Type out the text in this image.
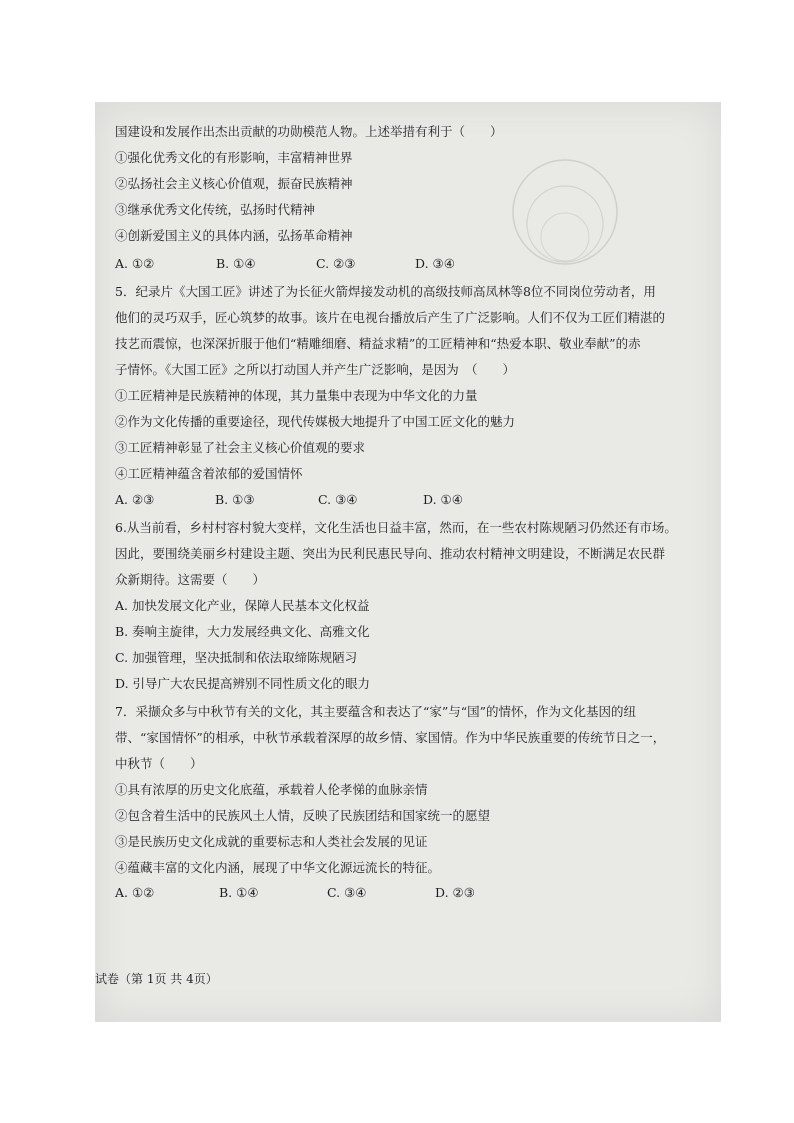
国建设和发展作出杰出贡献的功勋模范人物。上述举措有利于（　　）
①强化优秀文化的有形影响，丰富精神世界
②弘扬社会主义核心价值观，振奋民族精神
③继承优秀文化传统，弘扬时代精神
④创新爱国主义的具体内涵，弘扬革命精神
A. ①②	B. ①④	C. ②③	D. ③④
5．纪录片《大国工匠》讲述了为长征火箭焊接发动机的高级技师高凤林等8位不同岗位劳动者，用
他们的灵巧双手，匠心筑梦的故事。该片在电视台播放后产生了广泛影响。人们不仅为工匠们精湛的
技艺而震惊，也深深折服于他们“精雕细磨、精益求精”的工匠精神和“热爱本职、敬业奉献”的赤
子情怀。《大国工匠》之所以打动国人并产生广泛影响，是因为　（　　）
①工匠精神是民族精神的体现，其力量集中表现为中华文化的力量
②作为文化传播的重要途径，现代传媒极大地提升了中国工匠文化的魅力
③工匠精神彰显了社会主义核心价值观的要求
④工匠精神蕴含着浓郁的爱国情怀
A. ②③	B. ①③	C. ③④	D. ①④
6.从当前看，乡村村容村貌大变样，文化生活也日益丰富，然而，在一些农村陈规陋习仍然还有市场。
因此，要围绕美丽乡村建设主题、突出为民利民惠民导向、推动农村精神文明建设，不断满足农民群
众新期待。这需要（　　）
A. 加快发展文化产业，保障人民基本文化权益
B. 奏响主旋律，大力发展经典文化、高雅文化
C. 加强管理，坚决抵制和依法取缔陈规陋习
D. 引导广大农民提高辨别不同性质文化的眼力
7．采撷众多与中秋节有关的文化，其主要蕴含和表达了“家”与“国”的情怀，作为文化基因的纽
带、“家国情怀”的相承，中秋节承载着深厚的故乡情、家国情。作为中华民族重要的传统节日之一，
中秋节（　　）
①具有浓厚的历史文化底蕴，承载着人伦孝悌的血脉亲情
②包含着生活中的民族风土人情，反映了民族团结和国家统一的愿望
③是民族历史文化成就的重要标志和人类社会发展的见证
④蕴藏丰富的文化内涵，展现了中华文化源远流长的特征。
A. ①②	B. ①④	C. ③④	D. ②③
试卷（第 1页 共 4页）
